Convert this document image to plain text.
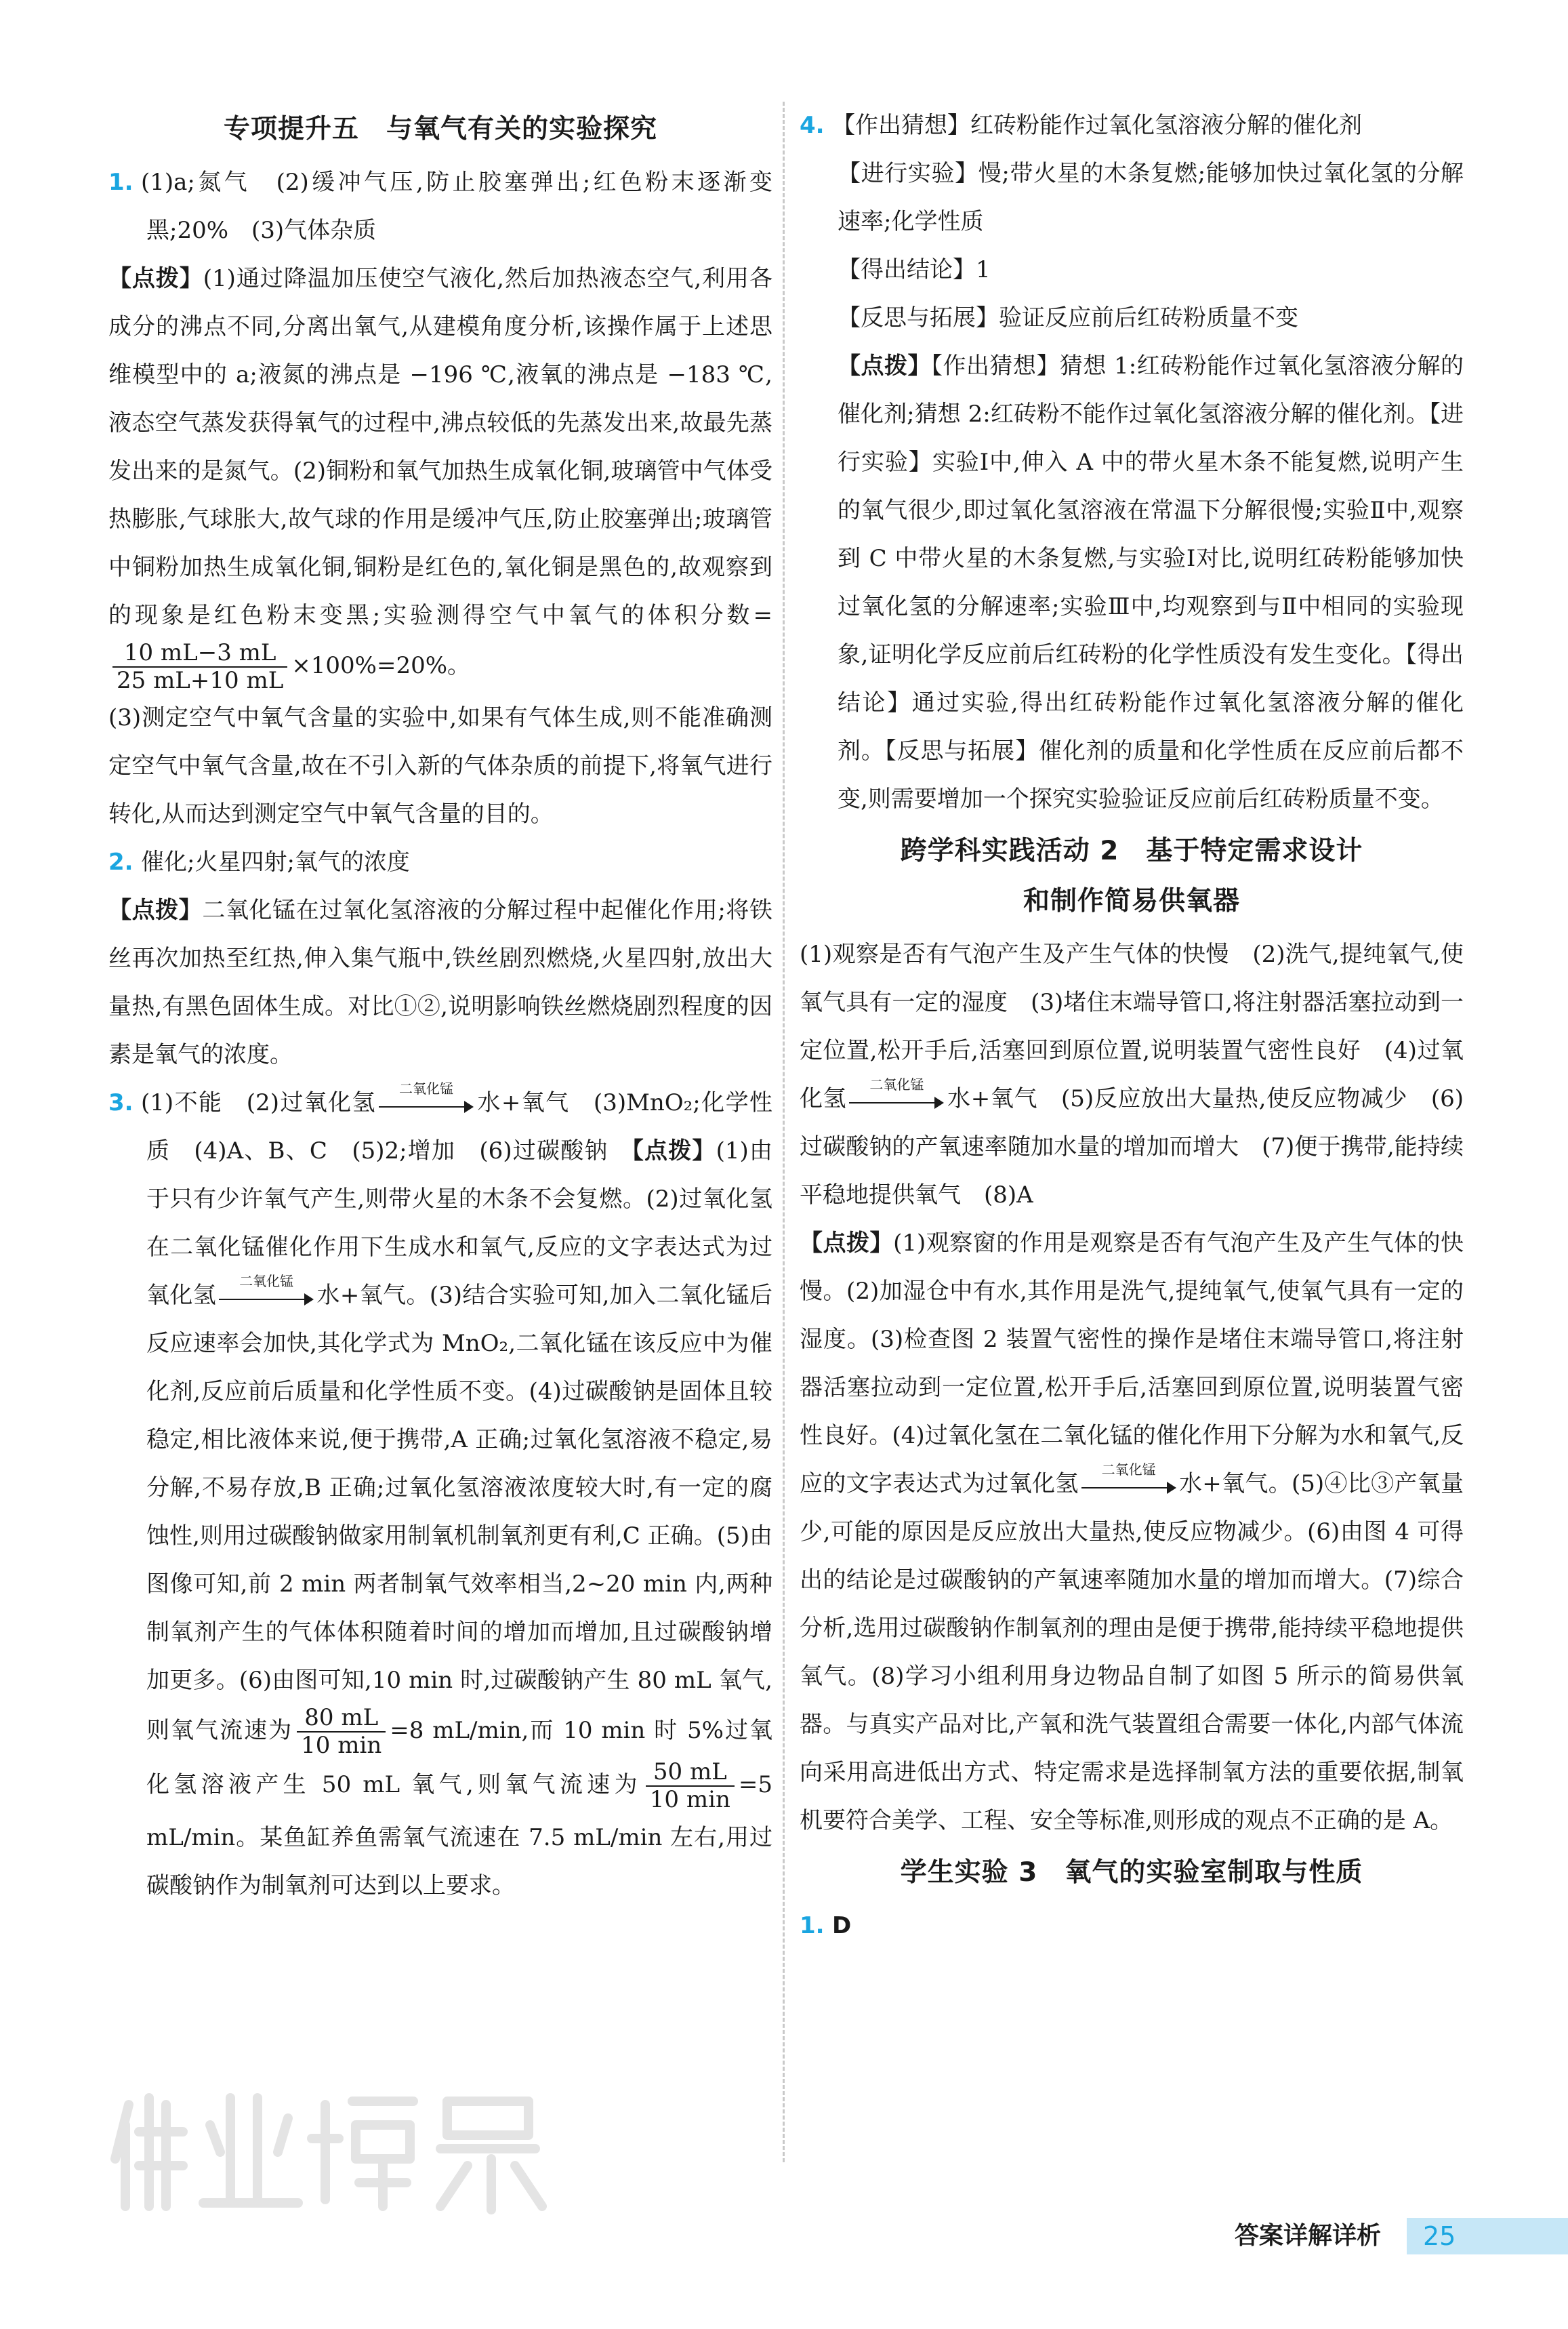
专项提升五　与氧气有关的实验探究

1. (1)a;氮气　(2)缓冲气压,防止胶塞弹出;红色粉末逐渐变黑;20%　(3)气体杂质

【点拨】(1)通过降温加压使空气液化,然后加热液态空气,利用各成分的沸点不同,分离出氧气,从建模角度分析,该操作属于上述思维模型中的 a;液氮的沸点是 −196 ℃,液氧的沸点是 −183 ℃,液态空气蒸发获得氧气的过程中,沸点较低的先蒸发出来,故最先蒸发出来的是氮气。(2)铜粉和氧气加热生成氧化铜,玻璃管中气体受热膨胀,气球胀大,故气球的作用是缓冲气压,防止胶塞弹出;玻璃管中铜粉加热生成氧化铜,铜粉是红色的,氧化铜是黑色的,故观察到的现象是红色粉末变黑;实验测得空气中氧气的体积分数=
$\frac{10 mL-3 mL}{25 mL+10 mL} \times 100\%=20\%$。

(3)测定空气中氧气含量的实验中,如果有气体生成,则不能准确测定空气中氧气含量,故在不引入新的气体杂质的前提下,将氧气进行转化,从而达到测定空气中氧气含量的目的。

2. 催化;火星四射;氧气的浓度

【点拨】二氧化锰在过氧化氢溶液的分解过程中起催化作用;将铁丝再次加热至红热,伸入集气瓶中,铁丝剧烈燃烧,火星四射,放出大量热,有黑色固体生成。对比①②,说明影响铁丝燃烧剧烈程度的因素是氧气的浓度。

3. (1)不能　(2)过氧化氢
二氧化锰
水+氧气　(3)MnO₂;化学性质　(4)A、B、C　(5)2;增加　(6)过碳酸钠　【点拨】(1)由于只有少许氧气产生,则带火星的木条不会复燃。(2)过氧化氢在二氧化锰催化作用下生成水和氧气,反应的文字表达式为过氧化氢
二氧化锰
水+氧气。(3)结合实验可知,加入二氧化锰后反应速率会加快,其化学式为 MnO₂,二氧化锰在该反应中为催化剂,反应前后质量和化学性质不变。(4)过碳酸钠是固体且较稳定,相比液体来说,便于携带,A 正确;过氧化氢溶液不稳定,易分解,不易存放,B 正确;过氧化氢溶液浓度较大时,有一定的腐蚀性,则用过碳酸钠做家用制氧机制氧剂更有利,C 正确。(5)由图像可知,前 2 min 两者制氧气效率相当,2~20 min 内,两种制氧剂产生的气体体积随着时间的增加而增加,且过碳酸钠增加更多。(6)由图可知,10 min 时,过碳酸钠产生 80 mL 氧气,则氧气流速为 $\frac{80 mL}{10 \min} =8$ mL/min,而 10 min 时 5%过氧化氢溶液产生 50 mL 氧气,则氧气流速为 $\frac{50 mL}{10 \min} =5$ mL/min。某鱼缸养鱼需氧气流速在 7.5 mL/min 左右,用过碳酸钠作为制氧剂可达到以上要求。

4. 【作出猜想】红砖粉能作过氧化氢溶液分解的催化剂

【进行实验】慢;带火星的木条复燃;能够加快过氧化氢的分解速率;化学性质

【得出结论】1

【反思与拓展】验证反应前后红砖粉质量不变

【点拨】【作出猜想】猜想 1:红砖粉能作过氧化氢溶液分解的催化剂;猜想 2:红砖粉不能作过氧化氢溶液分解的催化剂。【进行实验】实验Ⅰ中,伸入 A 中的带火星木条不能复燃,说明产生的氧气很少,即过氧化氢溶液在常温下分解很慢;实验Ⅱ中,观察到 C 中带火星的木条复燃,与实验Ⅰ对比,说明红砖粉能够加快过氧化氢的分解速率;实验Ⅲ中,均观察到与Ⅱ中相同的实验现象,证明化学反应前后红砖粉的化学性质没有发生变化。【得出结论】通过实验,得出红砖粉能作过氧化氢溶液分解的催化剂。【反思与拓展】催化剂的质量和化学性质在反应前后都不变,则需要增加一个探究实验验证反应前后红砖粉质量不变。

跨学科实践活动 2　基于特定需求设计
和制作简易供氧器

(1)观察是否有气泡产生及产生气体的快慢　(2)洗气,提纯氧气,使氧气具有一定的湿度　(3)堵住末端导管口,将注射器活塞拉动到一定位置,松开手后,活塞回到原位置,说明装置气密性良好　(4)过氧化氢
二氧化锰
水+氧气　(5)反应放出大量热,使反应物减少　(6)过碳酸钠的产氧速率随加水量的增加而增大　(7)便于携带,能持续平稳地提供氧气　(8)A

【点拨】(1)观察窗的作用是观察是否有气泡产生及产生气体的快慢。(2)加湿仓中有水,其作用是洗气,提纯氧气,使氧气具有一定的湿度。(3)检查图 2 装置气密性的操作是堵住末端导管口,将注射器活塞拉动到一定位置,松开手后,活塞回到原位置,说明装置气密性良好。(4)过氧化氢在二氧化锰的催化作用下分解为水和氧气,反应的文字表达式为过氧化氢
二氧化锰
水+氧气。(5)④比③产氧量少,可能的原因是反应放出大量热,使反应物减少。(6)由图 4 可得出的结论是过碳酸钠的产氧速率随加水量的增加而增大。(7)综合分析,选用过碳酸钠作制氧剂的理由是便于携带,能持续平稳地提供氧气。(8)学习小组利用身边物品自制了如图 5 所示的简易供氧器。与真实产品对比,产氧和洗气装置组合需要一体化,内部气体流向采用高进低出方式、特定需求是选择制氧方法的重要依据,制氧机要符合美学、工程、安全等标准,则形成的观点不正确的是 A。

学生实验 3　氧气的实验室制取与性质

1. D

答案详解详析 25
